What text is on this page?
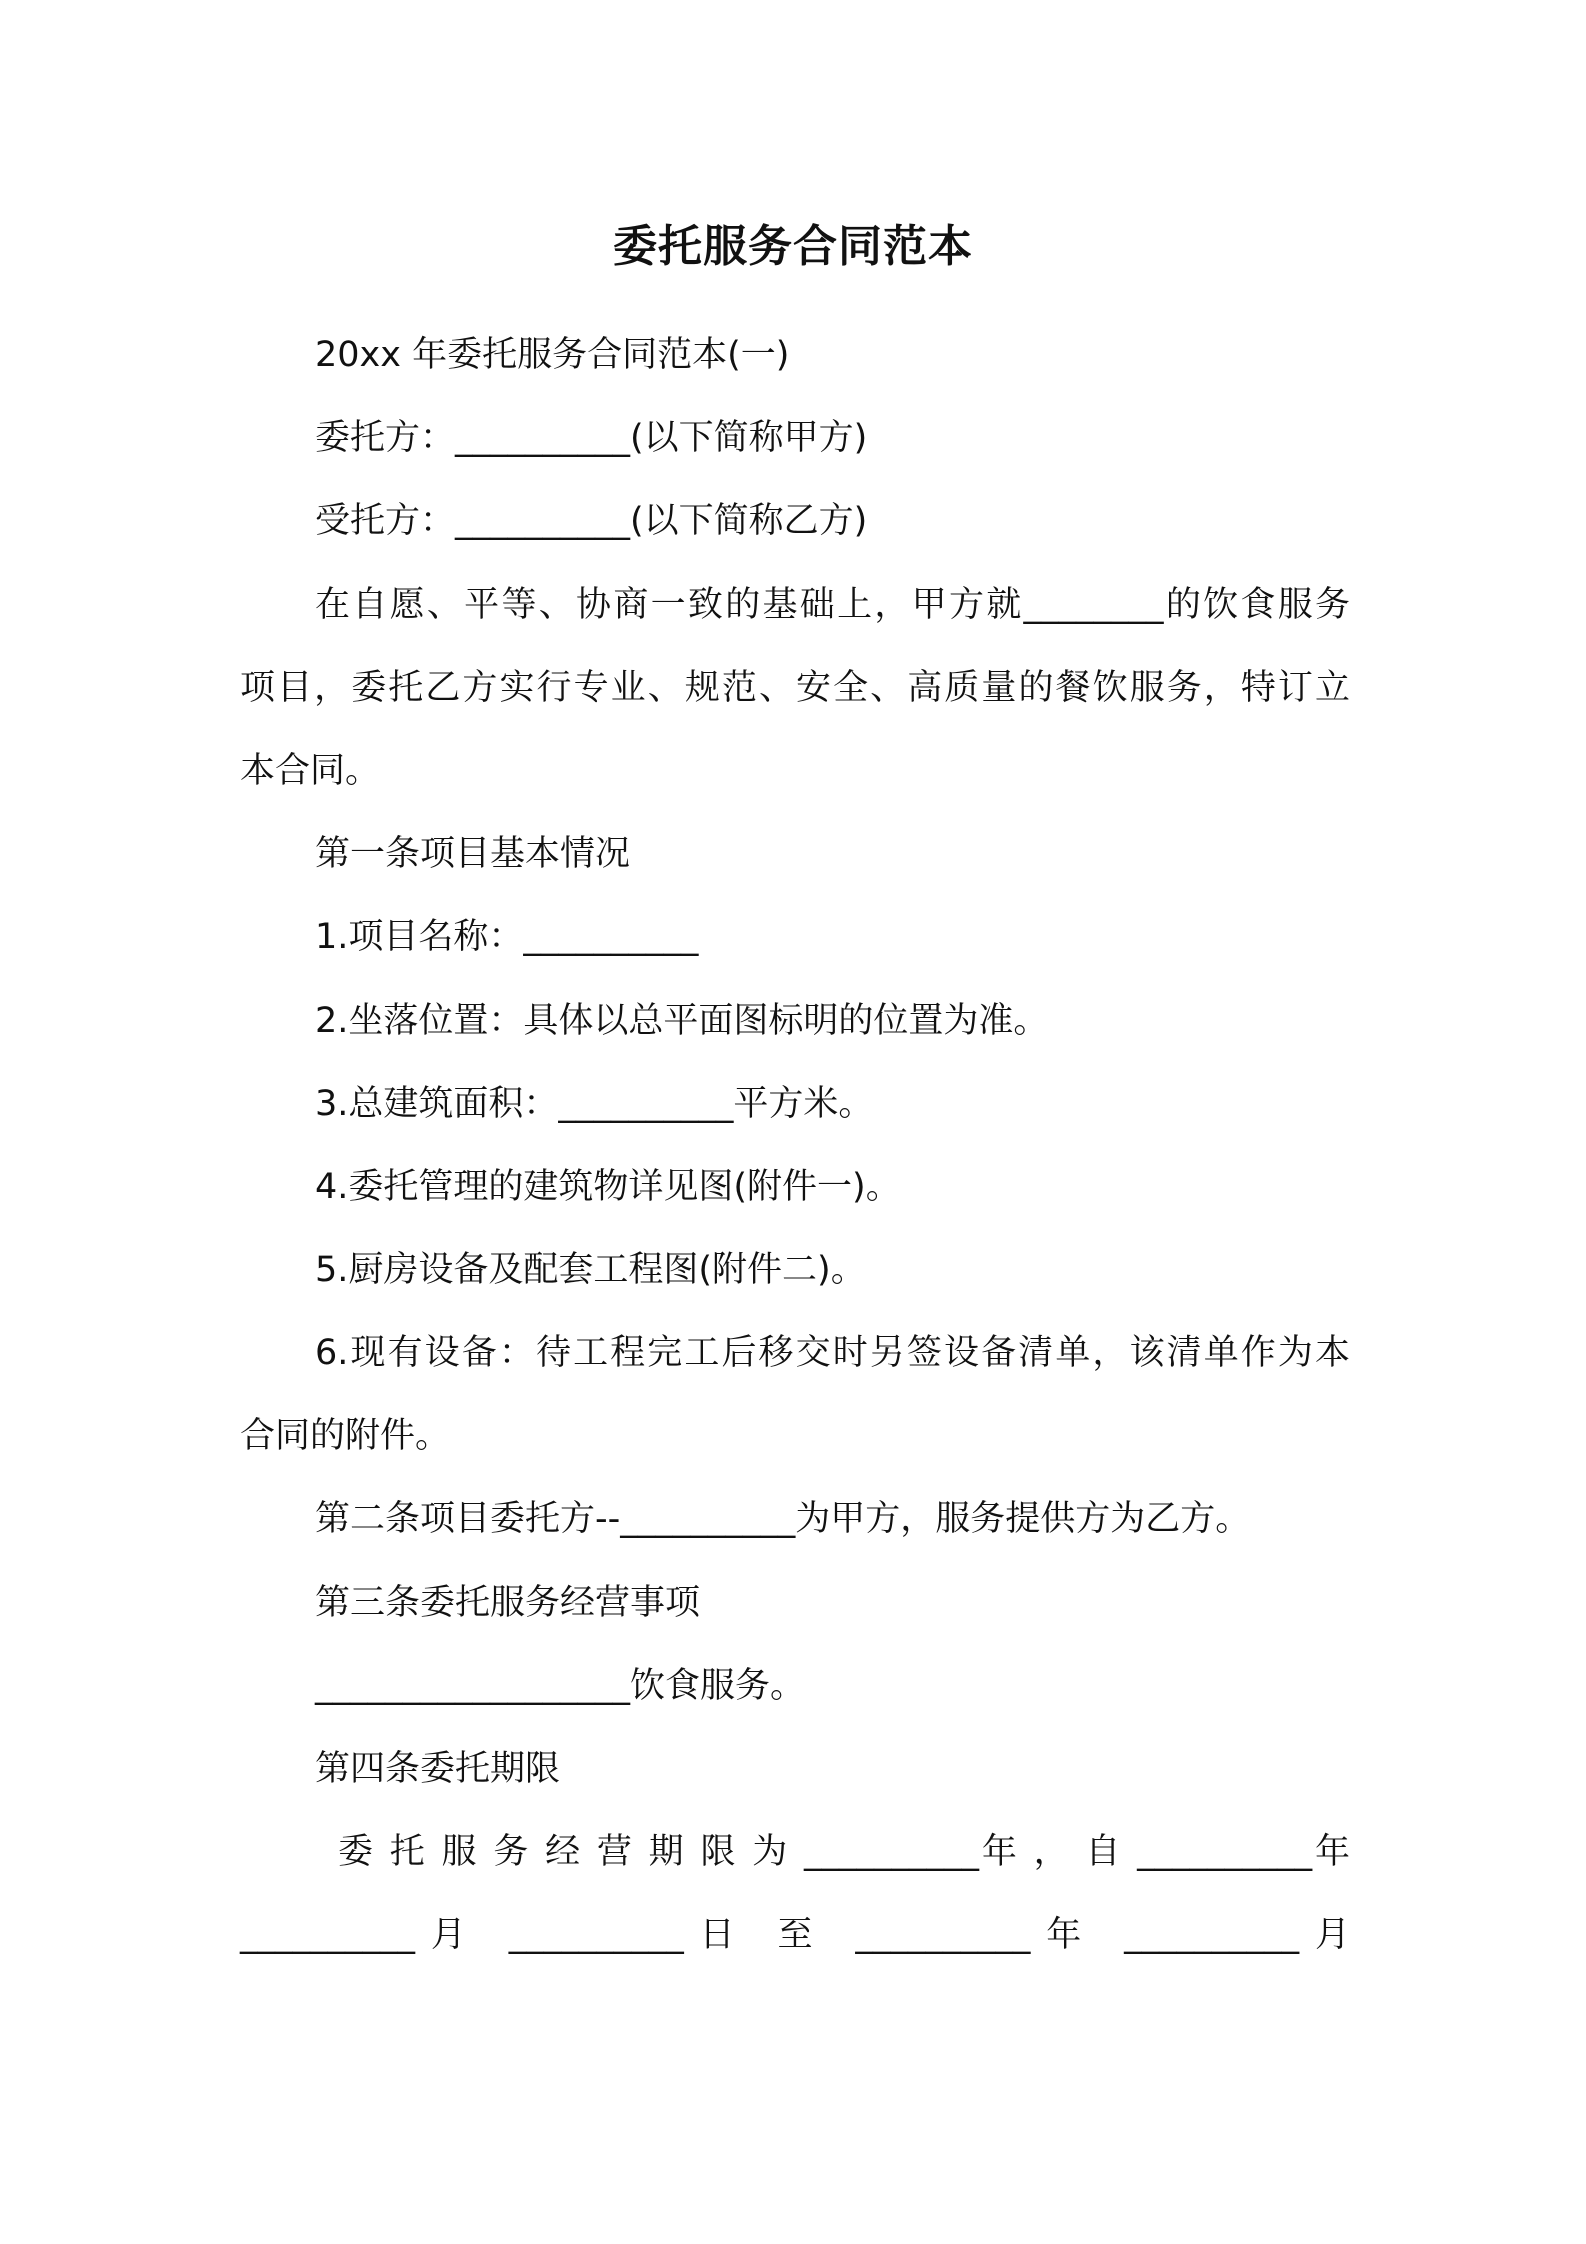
委托服务合同范本
20xx 年委托服务合同范本(一)
委托方：__________(以下简称甲方)
受托方：__________(以下简称乙方)
在自愿、平等、协商一致的基础上，甲方就________的饮食服务
项目，委托乙方实行专业、规范、安全、高质量的餐饮服务，特订立
本合同。
第一条项目基本情况
1.项目名称：__________
2.坐落位置：具体以总平面图标明的位置为准。
3.总建筑面积：__________平方米。
4.委托管理的建筑物详见图(附件一)。
5.厨房设备及配套工程图(附件二)。
6.现有设备：待工程完工后移交时另签设备清单，该清单作为本
合同的附件。
第二条项目委托方--__________为甲方，服务提供方为乙方。
第三条委托服务经营事项
__________________饮食服务。
第四条委托期限
委 托 服 务 经 营 期 限 为 __________年 ， 自 __________年
__________月 __________日 至 __________年 __________月
